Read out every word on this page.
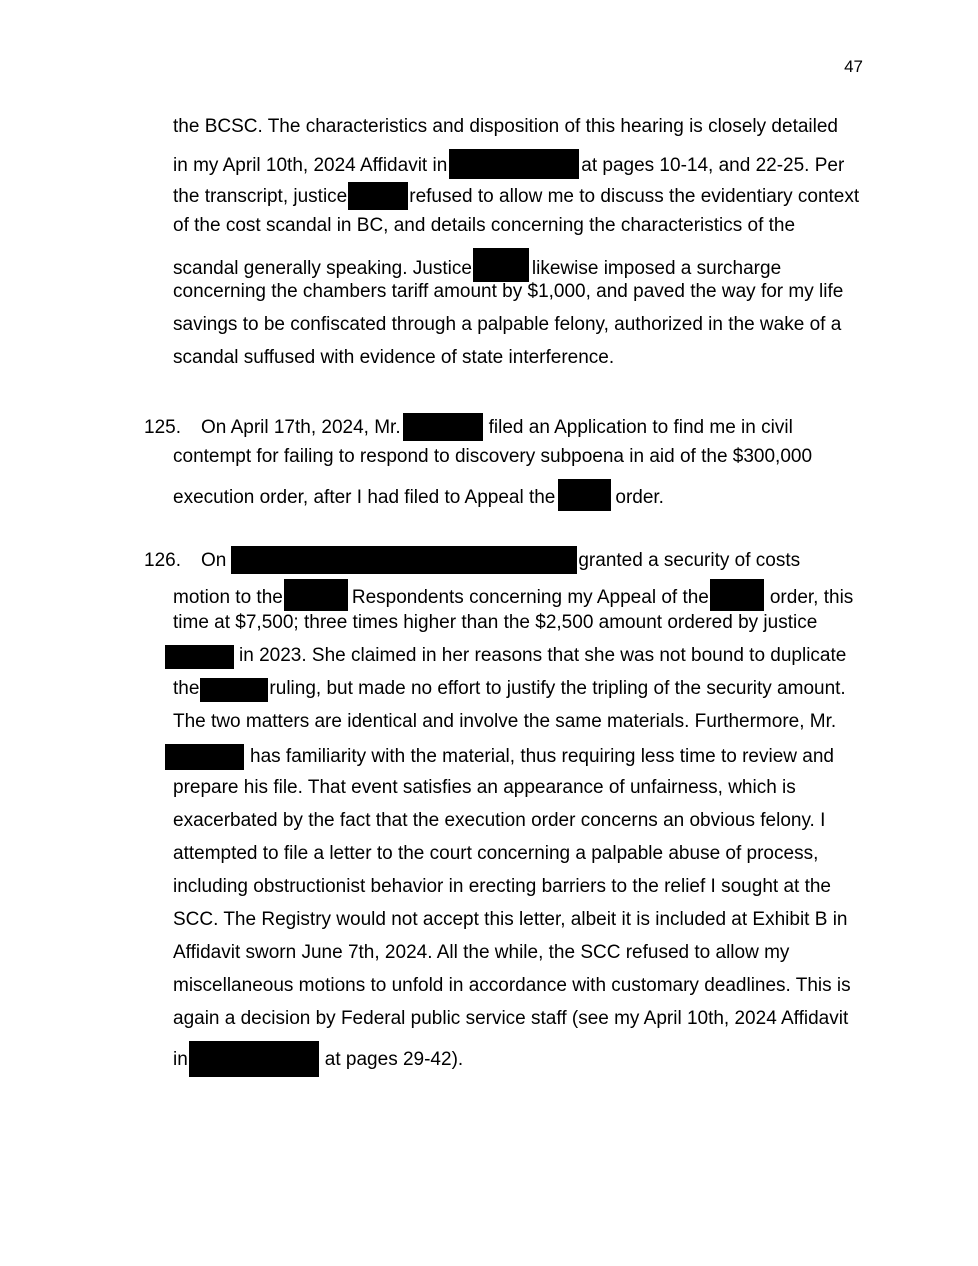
47
the BCSC. The characteristics and disposition of this hearing is closely detailed
in my April 10th, 2024 Affidavit in	at pages 10-14, and 22-25. Per
the transcript, justice	refused to allow me to discuss the evidentiary context
of the cost scandal in BC, and details concerning the characteristics of the
scandal generally speaking. Justice	likewise imposed a surcharge
concerning the chambers tariff amount by $1,000, and paved the way for my life
savings to be confiscated through a palpable felony, authorized in the wake of a
scandal suffused with evidence of state interference.
125. On April 17th, 2024, Mr.	filed an Application to find me in civil
contempt for failing to respond to discovery subpoena in aid of the $300,000
execution order, after I had filed to Appeal the	order.
126. On	granted a security of costs
motion to the	Respondents concerning my Appeal of the	order, this
time at $7,500; three times higher than the $2,500 amount ordered by justice
in 2023. She claimed in her reasons that she was not bound to duplicate
the	ruling, but made no effort to justify the tripling of the security amount.
The two matters are identical and involve the same materials. Furthermore, Mr.
has familiarity with the material, thus requiring less time to review and
prepare his file. That event satisfies an appearance of unfairness, which is
exacerbated by the fact that the execution order concerns an obvious felony. I
attempted to file a letter to the court concerning a palpable abuse of process,
including obstructionist behavior in erecting barriers to the relief I sought at the
SCC. The Registry would not accept this letter, albeit it is included at Exhibit B in
Affidavit sworn June 7th, 2024. All the while, the SCC refused to allow my
miscellaneous motions to unfold in accordance with customary deadlines. This is
again a decision by Federal public service staff (see my April 10th, 2024 Affidavit
in	at pages 29-42).
